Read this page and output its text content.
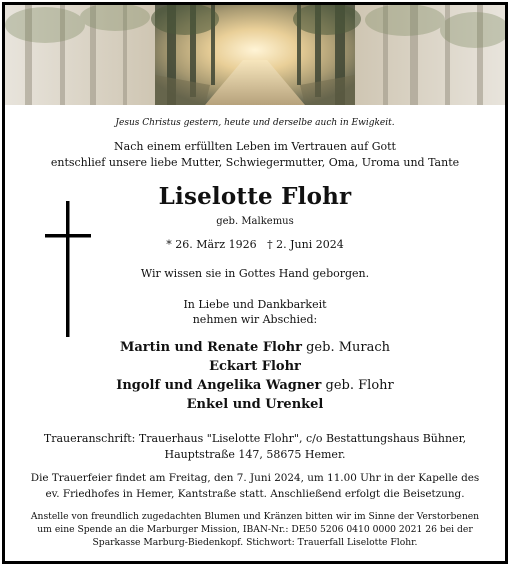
Jesus Christus gestern, heute und derselbe auch in Ewigkeit.
Nach einem erfüllten Leben im Vertrauen auf Gott
entschlief unsere liebe Mutter, Schwiegermutter, Oma, Uroma und Tante
Liselotte Flohr
geb. Malkemus
* 26. März 1926   † 2. Juni 2024
Wir wissen sie in Gottes Hand geborgen.
In Liebe und Dankbarkeit
nehmen wir Abschied:
Martin und Renate Flohr geb. Murach
Eckart Flohr
Ingolf und Angelika Wagner geb. Flohr
Enkel und Urenkel
Traueranschrift: Trauerhaus "Liselotte Flohr", c/o Bestattungshaus Bühner,
Hauptstraße 147, 58675 Hemer.
Die Trauerfeier findet am Freitag, den 7. Juni 2024, um 11.00 Uhr in der Kapelle des
ev. Friedhofes in Hemer, Kantstraße statt. Anschließend erfolgt die Beisetzung.
Anstelle von freundlich zugedachten Blumen und Kränzen bitten wir im Sinne der Verstorbenen
um eine Spende an die Marburger Mission, IBAN-Nr.: DE50 5206 0410 0000 2021 26 bei der
Sparkasse Marburg-Biedenkopf. Stichwort: Trauerfall Liselotte Flohr.
